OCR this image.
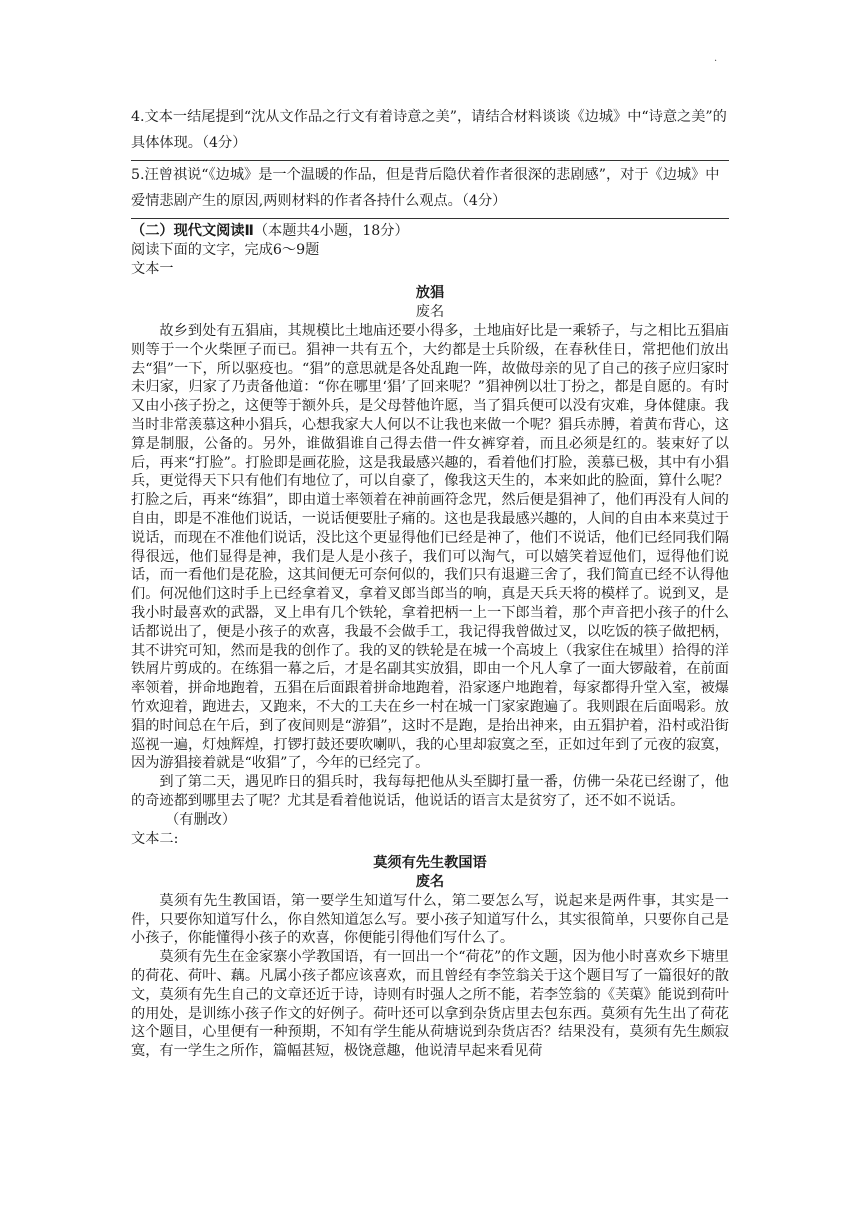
·

4.文本一结尾提到“沈从文作品之行文有着诗意之美”，请结合材料谈谈《边城》中“诗意之美”的具体体现。（4分）

5.汪曾祺说“《边城》是一个温暖的作品，但是背后隐伏着作者很深的悲剧感”，对于《边城》中爱情悲剧产生的原因,两则材料的作者各持什么观点。（4分）

（二）现代文阅读Ⅱ（本题共4小题，18分）

阅读下面的文字，完成6～9题

文本一

放猖

废名

故乡到处有五猖庙，其规模比土地庙还要小得多，土地庙好比是一乘轿子，与之相比五猖庙则等于一个火柴匣子而已。猖神一共有五个，大约都是士兵阶级，在春秋佳日，常把他们放出去“猖”一下，所以驱疫也。“猖”的意思就是各处乱跑一阵，故做母亲的见了自己的孩子应归家时未归家，归家了乃责备他道：“你在哪里‘猖’了回来呢？”猖神例以壮丁扮之，都是自愿的。有时又由小孩子扮之，这便等于额外兵，是父母替他许愿，当了猖兵便可以没有灾难，身体健康。我当时非常羡慕这种小猖兵，心想我家大人何以不让我也来做一个呢？猖兵赤膊，着黄布背心，这算是制服，公备的。另外，谁做猖谁自己得去借一件女裤穿着，而且必须是红的。装束好了以后，再来“打脸”。打脸即是画花脸，这是我最感兴趣的，看着他们打脸，羡慕已极，其中有小猖兵，更觉得天下只有他们有地位了，可以自豪了，像我这天生的，本来如此的脸面，算什么呢？打脸之后，再来“练猖”，即由道士率领着在神前画符念咒，然后便是猖神了，他们再没有人间的自由，即是不准他们说话，一说话便要肚子痛的。这也是我最感兴趣的，人间的自由本来莫过于说话，而现在不准他们说话，没比这个更显得他们已经是神了，他们不说话，他们已经同我们隔得很远，他们显得是神，我们是人是小孩子，我们可以淘气，可以嬉笑着逗他们，逗得他们说话，而一看他们是花脸，这其间便无可奈何似的，我们只有退避三舍了，我们简直已经不认得他们。何况他们这时手上已经拿着叉，拿着叉郎当郎当的响，真是天兵天将的模样了。说到叉，是我小时最喜欢的武器，叉上串有几个铁轮，拿着把柄一上一下郎当着，那个声音把小孩子的什么话都说出了，便是小孩子的欢喜，我最不会做手工，我记得我曾做过叉，以吃饭的筷子做把柄，其不讲究可知，然而是我的创作了。我的叉的铁轮是在城一个高坡上（我家住在城里）拾得的洋铁屑片剪成的。在练猖一幕之后，才是名副其实放猖，即由一个凡人拿了一面大锣敲着，在前面率领着，拼命地跑着，五猖在后面跟着拼命地跑着，沿家逐户地跑着，每家都得升堂入室，被爆竹欢迎着，跑进去，又跑来，不大的工夫在乡一村在城一门家家跑遍了。我则跟在后面喝彩。放猖的时间总在午后，到了夜间则是“游猖”，这时不是跑，是抬出神来，由五猖护着，沿村或沿街巡视一遍，灯烛辉煌，打锣打鼓还要吹喇叭，我的心里却寂寞之至，正如过年到了元夜的寂寞，因为游猖接着就是“收猖”了，今年的已经完了。

到了第二天，遇见昨日的猖兵时，我每每把他从头至脚打量一番，仿佛一朵花已经谢了，他的奇迹都到哪里去了呢？尤其是看着他说话，他说话的语言太是贫穷了，还不如不说话。

（有删改）

文本二:

莫须有先生教国语

废名

莫须有先生教国语，第一要学生知道写什么，第二要怎么写，说起来是两件事，其实是一件，只要你知道写什么，你自然知道怎么写。要小孩子知道写什么，其实很简单，只要你自己是小孩子，你能懂得小孩子的欢喜，你便能引得他们写什么了。

莫须有先生在金家寨小学教国语，有一回出一个“荷花”的作文题，因为他小时喜欢乡下塘里的荷花、荷叶、藕。凡属小孩子都应该喜欢，而且曾经有李笠翁关于这个题目写了一篇很好的散文，莫须有先生自己的文章还近于诗，诗则有时强人之所不能，若李笠翁的《芙蕖》能说到荷叶的用处，是训练小孩子作文的好例子。荷叶还可以拿到杂货店里去包东西。莫须有先生出了荷花这个题目，心里便有一种预期，不知有学生能从荷塘说到杂货店否？结果没有，莫须有先生颇寂寞，有一学生之所作，篇幅甚短，极饶意趣，他说清早起来看见荷
